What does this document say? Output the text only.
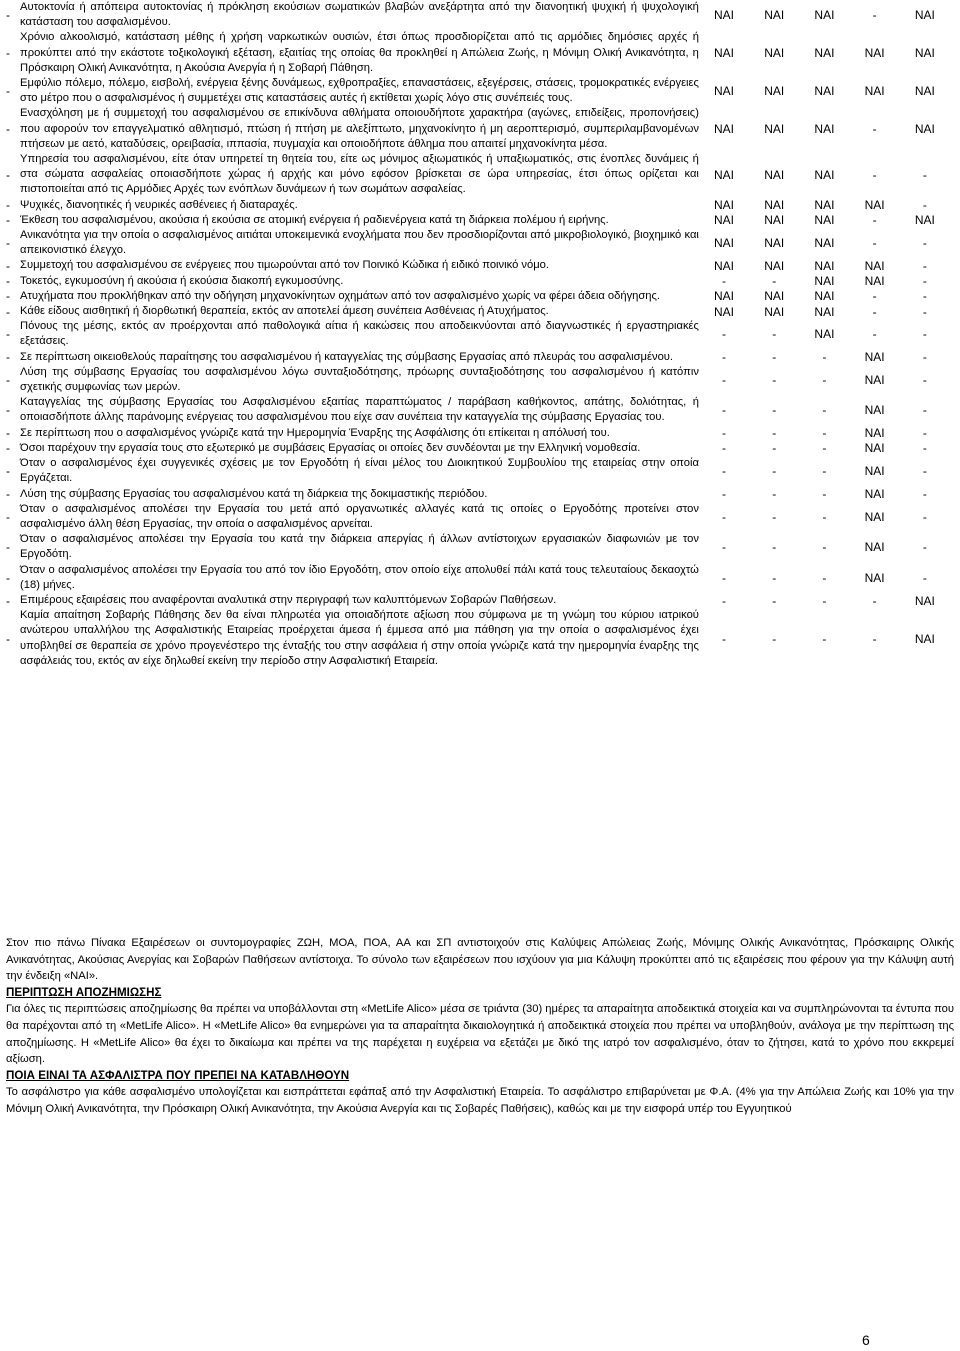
-	Αυτοκτονία ή απόπειρα αυτοκτονίας ή πρόκληση εκούσιων σωματικών βλαβών ανεξάρτητα από την διανοητική ψυχική ή ψυχολογική κατάσταση του ασφαλισμένου.	ΝΑΙ	ΝΑΙ	ΝΑΙ	-	ΝΑΙ
-	Χρόνιο αλκοολισμό, κατάσταση μέθης ή χρήση ναρκωτικών ουσιών, έτσι όπως προσδιορίζεται από τις αρμόδιες δημόσιες αρχές ή προκύπτει από την εκάστοτε τοξικολογική εξέταση, εξαιτίας της οποίας θα προκληθεί η Απώλεια Ζωής, η Μόνιμη Ολική Ανικανότητα, η Πρόσκαιρη Ολική Ανικανότητα, η Ακούσια Ανεργία ή η Σοβαρή Πάθηση.	ΝΑΙ	ΝΑΙ	ΝΑΙ	ΝΑΙ	ΝΑΙ
-	Εμφύλιο πόλεμο, πόλεμο, εισβολή, ενέργεια ξένης δυνάμεως, εχθροπραξίες, επαναστάσεις, εξεγέρσεις, στάσεις, τρομοκρατικές ενέργειες στο μέτρο που ο ασφαλισμένος ή συμμετέχει στις καταστάσεις αυτές ή εκτίθεται χωρίς λόγο στις συνέπειές τους.	ΝΑΙ	ΝΑΙ	ΝΑΙ	ΝΑΙ	ΝΑΙ
-	Ενασχόληση με ή συμμετοχή του ασφαλισμένου σε επικίνδυνα αθλήματα οποιουδήποτε χαρακτήρα (αγώνες, επιδείξεις, προπονήσεις) που αφορούν τον επαγγελματικό αθλητισμό, πτώση ή πτήση με αλεξίπτωτο, μηχανοκίνητο ή μη αεροπτερισμό, συμπεριλαμβανομένων πτήσεων με αετό, καταδύσεις, ορειβασία, ιππασία, πυγμαχία και οποιοδήποτε άθλημα που απαιτεί μηχανοκίνητα μέσα.	ΝΑΙ	ΝΑΙ	ΝΑΙ	-	ΝΑΙ
-	Υπηρεσία του ασφαλισμένου, είτε όταν υπηρετεί τη θητεία του, είτε ως μόνιμος αξιωματικός ή υπαξιωματικός, στις ένοπλες δυνάμεις ή στα σώματα ασφαλείας οποιασδήποτε χώρας ή αρχής και μόνο εφόσον βρίσκεται σε ώρα υπηρεσίας, έτσι όπως ορίζεται και πιστοποιείται από τις Αρμόδιες Αρχές των ενόπλων δυνάμεων ή των σωμάτων ασφαλείας.	ΝΑΙ	ΝΑΙ	ΝΑΙ	-	-
-	Ψυχικές, διανοητικές ή νευρικές ασθένειες ή διαταραχές.	ΝΑΙ	ΝΑΙ	ΝΑΙ	ΝΑΙ	-
-	Έκθεση του ασφαλισμένου, ακούσια ή εκούσια σε ατομική ενέργεια ή ραδιενέργεια κατά τη διάρκεια πολέμου ή ειρήνης.	ΝΑΙ	ΝΑΙ	ΝΑΙ	-	ΝΑΙ
-	Ανικανότητα για την οποία ο ασφαλισμένος αιτιάται υποκειμενικά ενοχλήματα που δεν προσδιορίζονται από μικροβιολογικό, βιοχημικό και απεικονιστικό έλεγχο.	ΝΑΙ	ΝΑΙ	ΝΑΙ	-	-
-	Συμμετοχή του ασφαλισμένου σε ενέργειες που τιμωρούνται από τον Ποινικό Κώδικα ή ειδικό ποινικό νόμο.	ΝΑΙ	ΝΑΙ	ΝΑΙ	ΝΑΙ	-
-	Τοκετός, εγκυμοσύνη ή ακούσια ή εκούσια διακοπή εγκυμοσύνης.	-	-	ΝΑΙ	ΝΑΙ	-
-	Ατυχήματα που προκλήθηκαν από την οδήγηση μηχανοκίνητων οχημάτων από τον ασφαλισμένο χωρίς να φέρει άδεια οδήγησης.	ΝΑΙ	ΝΑΙ	ΝΑΙ	-	-
-	Κάθε είδους αισθητική ή διορθωτική θεραπεία, εκτός αν αποτελεί άμεση συνέπεια Ασθένειας ή Ατυχήματος.	ΝΑΙ	ΝΑΙ	ΝΑΙ	-	-
-	Πόνους της μέσης, εκτός αν προέρχονται από παθολογικά αίτια ή κακώσεις που αποδεικνύονται από διαγνωστικές ή εργαστηριακές εξετάσεις.	-	-	ΝΑΙ	-	-
-	Σε περίπτωση οικειοθελούς παραίτησης του ασφαλισμένου ή καταγγελίας της σύμβασης Εργασίας από πλευράς του ασφαλισμένου.	-	-	-	ΝΑΙ	-
-	Λύση της σύμβασης Εργασίας του ασφαλισμένου λόγω συνταξιοδότησης, πρόωρης συνταξιοδότησης του ασφαλισμένου ή κατόπιν σχετικής συμφωνίας των μερών.	-	-	-	ΝΑΙ	-
-	Καταγγελίας της σύμβασης Εργασίας του Ασφαλισμένου εξαιτίας παραπτώματος / παράβαση καθήκοντος, απάτης, δολιότητας, ή οποιασδήποτε άλλης παράνομης ενέργειας του ασφαλισμένου που είχε σαν συνέπεια την καταγγελία της σύμβασης Εργασίας του.	-	-	-	ΝΑΙ	-
-	Σε περίπτωση που ο ασφαλισμένος γνώριζε κατά την Ημερομηνία Έναρξης της Ασφάλισης ότι επίκειται η απόλυσή του.	-	-	-	ΝΑΙ	-
-	Όσοι παρέχουν την εργασία τους στο εξωτερικό με συμβάσεις Εργασίας οι οποίες δεν συνδέονται με την Ελληνική νομοθεσία.	-	-	-	ΝΑΙ	-
-	Όταν ο ασφαλισμένος έχει συγγενικές σχέσεις με τον Εργοδότη ή είναι μέλος του Διοικητικού Συμβουλίου της εταιρείας στην οποία Εργάζεται.	-	-	-	ΝΑΙ	-
-	Λύση της σύμβασης Εργασίας του ασφαλισμένου κατά τη διάρκεια της δοκιμαστικής περιόδου.	-	-	-	ΝΑΙ	-
-	Όταν ο ασφαλισμένος απολέσει την Εργασία του μετά από οργανωτικές αλλαγές κατά τις οποίες ο Εργοδότης προτείνει στον ασφαλισμένο άλλη θέση Εργασίας, την οποία ο ασφαλισμένος αρνείται.	-	-	-	ΝΑΙ	-
-	Όταν ο ασφαλισμένος απολέσει την Εργασία του κατά την διάρκεια απεργίας ή άλλων αντίστοιχων εργασιακών διαφωνιών με τον Εργοδότη.	-	-	-	ΝΑΙ	-
-	Όταν ο ασφαλισμένος απολέσει την Εργασία του από τον ίδιο Εργοδότη, στον οποίο είχε απολυθεί πάλι κατά τους τελευταίους δεκαοχτώ (18) μήνες.	-	-	-	ΝΑΙ	-
-	Επιμέρους εξαιρέσεις που αναφέρονται αναλυτικά στην περιγραφή των καλυπτόμενων Σοβαρών Παθήσεων.	-	-	-	-	ΝΑΙ
-	Καμία απαίτηση Σοβαρής Πάθησης δεν θα είναι πληρωτέα για οποιαδήποτε αξίωση που σύμφωνα με τη γνώμη του κύριου ιατρικού ανώτερου υπαλλήλου της Ασφαλιστικής Εταιρείας προέρχεται άμεσα ή έμμεσα από μια πάθηση για την οποία ο ασφαλισμένος έχει υποβληθεί σε θεραπεία σε χρόνο προγενέστερο της ένταξής του στην ασφάλεια ή στην οποία γνώριζε κατά την ημερομηνία έναρξης της ασφάλειάς του, εκτός αν είχε δηλωθεί εκείνη την περίοδο στην Ασφαλιστική Εταιρεία.	-	-	-	-	ΝΑΙ

Στον πιο πάνω Πίνακα Εξαιρέσεων οι συντομογραφίες ΖΩΗ, ΜΟΑ, ΠΟΑ, ΑΑ και ΣΠ αντιστοιχούν στις Καλύψεις Απώλειας Ζωής, Μόνιμης Ολικής Ανικανότητας, Πρόσκαιρης Ολικής Ανικανότητας, Ακούσιας Ανεργίας και Σοβαρών Παθήσεων αντίστοιχα. Το σύνολο των εξαιρέσεων που ισχύουν για μια Κάλυψη προκύπτει από τις εξαιρέσεις που φέρουν για την Κάλυψη αυτή την ένδειξη «ΝΑΙ».

ΠΕΡΙΠΤΩΣΗ ΑΠΟΖΗΜΙΩΣΗΣ

Για όλες τις περιπτώσεις αποζημίωσης θα πρέπει να υποβάλλονται στη «MetLife Alico» μέσα σε τριάντα (30) ημέρες τα απαραίτητα αποδεικτικά στοιχεία και να συμπληρώνονται τα έντυπα που θα παρέχονται από τη «MetLife Alico». Η «MetLife Alico» θα ενημερώνει για τα απαραίτητα δικαιολογητικά ή αποδεικτικά στοιχεία που πρέπει να υποβληθούν, ανάλογα με την περίπτωση της αποζημίωσης. Η «MetLife Alico» θα έχει το δικαίωμα και πρέπει να της παρέχεται η ευχέρεια να εξετάζει με δικό της ιατρό τον ασφαλισμένο, όταν το ζήτησει, κατά το χρόνο που εκκρεμεί αξίωση.

ΠΟΙΑ ΕΙΝΑΙ ΤΑ ΑΣΦΑΛΙΣΤΡΑ ΠΟΥ ΠΡΕΠΕΙ ΝΑ ΚΑΤΑΒΛΗΘΟΥΝ

Το ασφάλιστρο για κάθε ασφαλισμένο υπολογίζεται και εισπράττεται εφάπαξ από την Ασφαλιστική Εταιρεία. Το ασφάλιστρο επιβαρύνεται με Φ.Α. (4% για την Απώλεια Ζωής και 10% για την Μόνιμη Ολική Ανικανότητα, την Πρόσκαιρη Ολική Ανικανότητα, την Ακούσια Ανεργία και τις Σοβαρές Παθήσεις), καθώς και με την εισφορά υπέρ του Εγγυητικού

6
